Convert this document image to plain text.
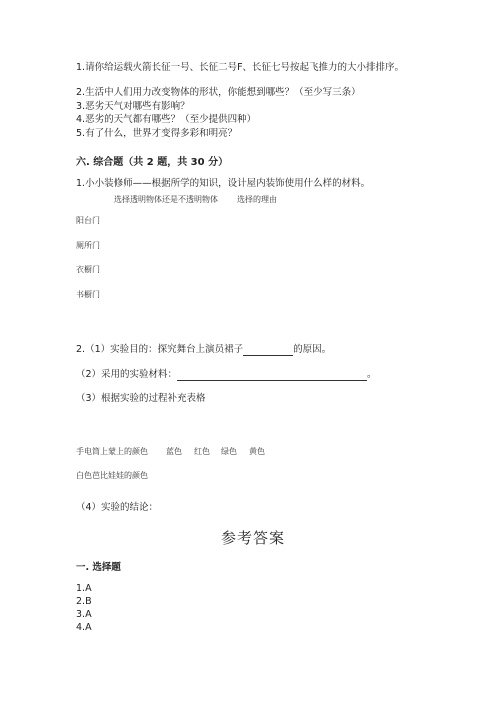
1.请你给运载火箭长征一号、长征二号F、长征七号按起飞推力的大小排排序。
2.生活中人们用力改变物体的形状，你能想到哪些？（至少写三条）
3.恶劣天气对哪些有影响？
4.恶劣的天气都有哪些？（至少提供四种）
5.有了什么，世界才变得多彩和明亮？
六. 综合题（共 2 题，共 30 分）
1.小小装修师——根据所学的知识，设计屋内装饰使用什么样的材料。
选择透明物体还是不透明物体 选择的理由
阳台门
厕所门
衣橱门
书橱门
2.（1）实验目的：探究舞台上演员裙子	的原因。
（2）采用的实验材料：	。
（3）根据实验的过程补充表格
手电筒上蒙上的颜色 蓝色 红色 绿色 黄色
白色芭比娃娃的颜色
（4）实验的结论：
参考答案
一. 选择题
1.A
2.B
3.A
4.A
